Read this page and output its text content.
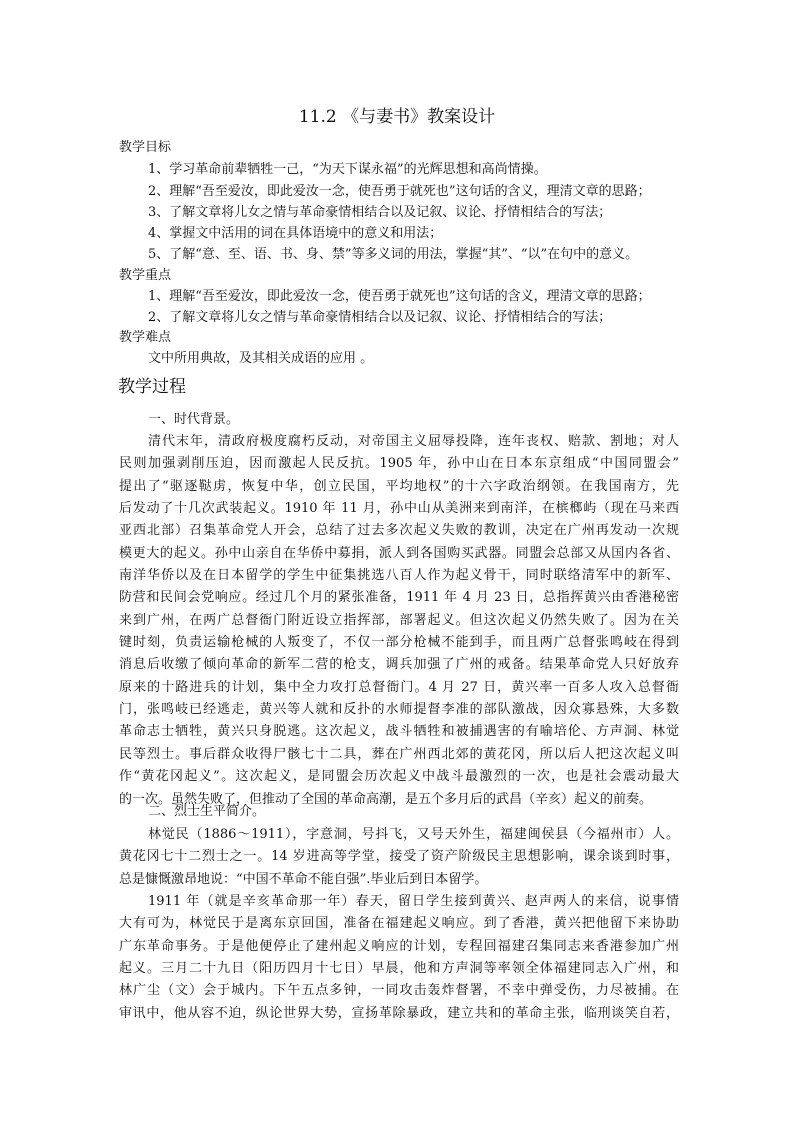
11.2 《与妻书》教案设计
教学目标
1、学习革命前辈牺牲一己，“为天下谋永福”的光辉思想和高尚情操。
2、理解“吾至爱汝，即此爱汝一念，使吾勇于就死也”这句话的含义，理清文章的思路；
3、了解文章将儿女之情与革命豪情相结合以及记叙、议论、抒情相结合的写法；
4、掌握文中活用的词在具体语境中的意义和用法；
5、了解“意、至、语、书、身、禁”等多义词的用法，掌握“其”、“以”在句中的意义。
教学重点
1、理解“吾至爱汝，即此爱汝一念，使吾勇于就死也”这句话的含义，理清文章的思路；
2、了解文章将儿女之情与革命豪情相结合以及记叙、议论、抒情相结合的写法；
教学难点
文中所用典故，及其相关成语的应用 。
教学过程
一、时代背景。
清代末年，清政府极度腐朽反动，对帝国主义屈辱投降，连年丧权、赔款、割地；对人
民则加强剥削压迫，因而激起人民反抗。1905 年，孙中山在日本东京组成“中国同盟会”
提出了“驱逐鞑虏，恢复中华，创立民国，平均地权”的十六字政治纲领。在我国南方，先
后发动了十几次武装起义。1910 年 11 月，孙中山从美洲来到南洋，在槟榔屿（现在马来西
亚西北部）召集革命党人开会，总结了过去多次起义失败的教训，决定在广州再发动一次规
模更大的起义。孙中山亲自在华侨中募捐，派人到各国购买武器。同盟会总部又从国内各省、
南洋华侨以及在日本留学的学生中征集挑选八百人作为起义骨干，同时联络清军中的新军、
防营和民间会党响应。经过几个月的紧张准备，1911 年 4 月 23 日，总指挥黄兴由香港秘密
来到广州，在两广总督衙门附近设立指挥部，部署起义。但这次起义仍然失败了。因为在关
键时刻，负责运输枪械的人叛变了，不仅一部分枪械不能到手，而且两广总督张鸣岐在得到
消息后收缴了倾向革命的新军二营的枪支，调兵加强了广州的戒备。结果革命党人只好放弃
原来的十路进兵的计划，集中全力攻打总督衙门。4 月 27 日，黄兴率一百多人攻入总督衙
门，张鸣岐已经逃走，黄兴等人就和反扑的水师提督李准的部队激战，因众寡悬殊，大多数
革命志士牺牲，黄兴只身脱逃。这次起义，战斗牺牲和被捕遇害的有喻培伦、方声洞、林觉
民等烈士。事后群众收得尸骸七十二具，葬在广州西北郊的黄花冈，所以后人把这次起义叫
作“黄花冈起义”。这次起义，是同盟会历次起义中战斗最激烈的一次，也是社会震动最大
的一次。虽然失败了，但推动了全国的革命高潮，是五个多月后的武昌（辛亥）起义的前奏。
二、烈士生平简介。
林觉民（1886～1911），字意洞，号抖飞，又号天外生，福建闽侯县（今福州市）人。
黄花冈七十二烈士之一。14 岁进高等学堂，接受了资产阶级民主思想影响，课余谈到时事，
总是慷慨激昂地说：“中国不革命不能自强”.毕业后到日本留学。
1911 年（就是辛亥革命那一年）春天，留日学生接到黄兴、赵声两人的来信，说事情
大有可为，林觉民于是离东京回国，准备在福建起义响应。到了香港，黄兴把他留下来协助
广东革命事务。于是他便停止了建州起义响应的计划，专程回福建召集同志来香港参加广州
起义。三月二十九日（阳历四月十七日）早晨，他和方声洞等率领全体福建同志入广州，和
林广尘（文）会于城内。下午五点多钟，一同攻击轰炸督署，不幸中弹受伤，力尽被捕。在
审讯中，他从容不迫，纵论世界大势，宣扬革除暴政，建立共和的革命主张，临刑谈笑自若，
